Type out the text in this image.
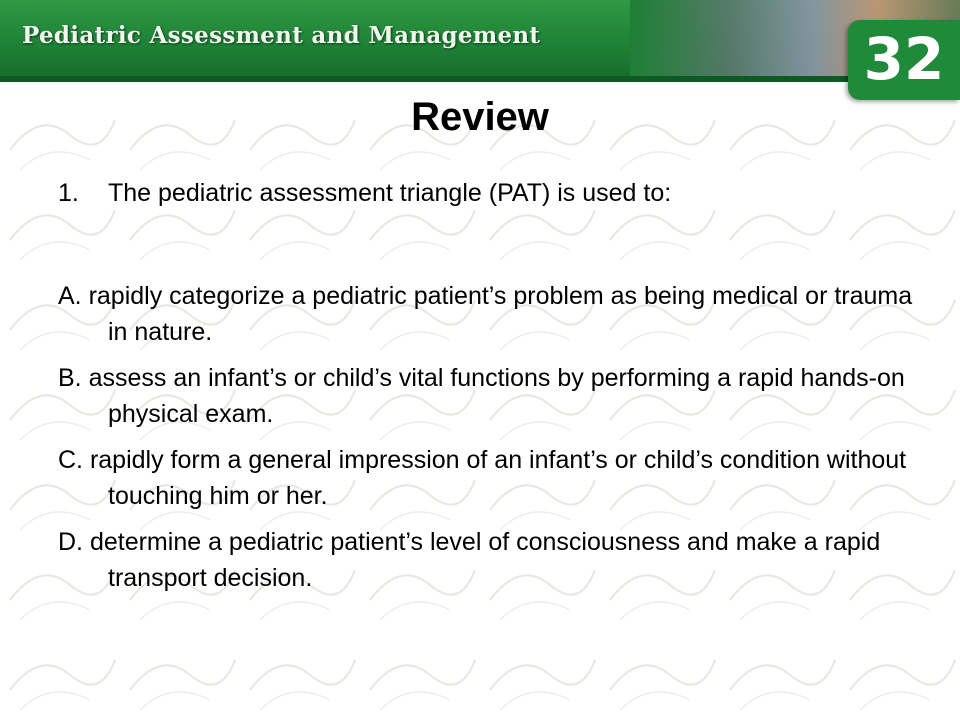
Pediatric Assessment and Management	32
Review
1. The pediatric assessment triangle (PAT) is used to:

A. rapidly categorize a pediatric patient’s problem as being medical or trauma in nature.

B. assess an infant’s or child’s vital functions by performing a rapid hands-on physical exam.

C. rapidly form a general impression of an infant’s or child’s condition without touching him or her.

D. determine a pediatric patient’s level of consciousness and make a rapid transport decision.
